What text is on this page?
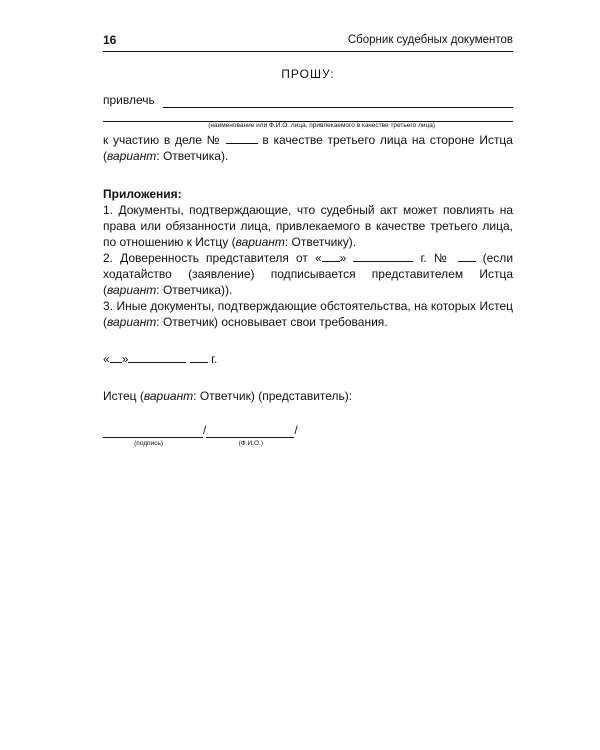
16	Сборник судебных документов
ПРОШУ:
привлечь
(наименование или Ф.И.О. лица, привлекаемого в качестве третьего лица)

к участию в деле №	в качестве третьего лица на стороне Истца (вариант: Ответчика).

Приложения:

1. Документы, подтверждающие, что судебный акт может повлиять на права или обязанности лица, привлекаемого в качестве третьего лица, по отношению к Истцу (вариант: Ответчику).

2. Доверенность представителя от « »	г. №	(если ходатайство (заявление) подписывается представителем Истца (вариант: Ответчика)).

3. Иные документы, подтверждающие обстоятельства, на которых Истец (вариант: Ответчик) основывает свои требования.

« »	г.

Истец (вариант: Ответчик) (представитель):

/	/
(подпись)	(Ф.И.О.)
